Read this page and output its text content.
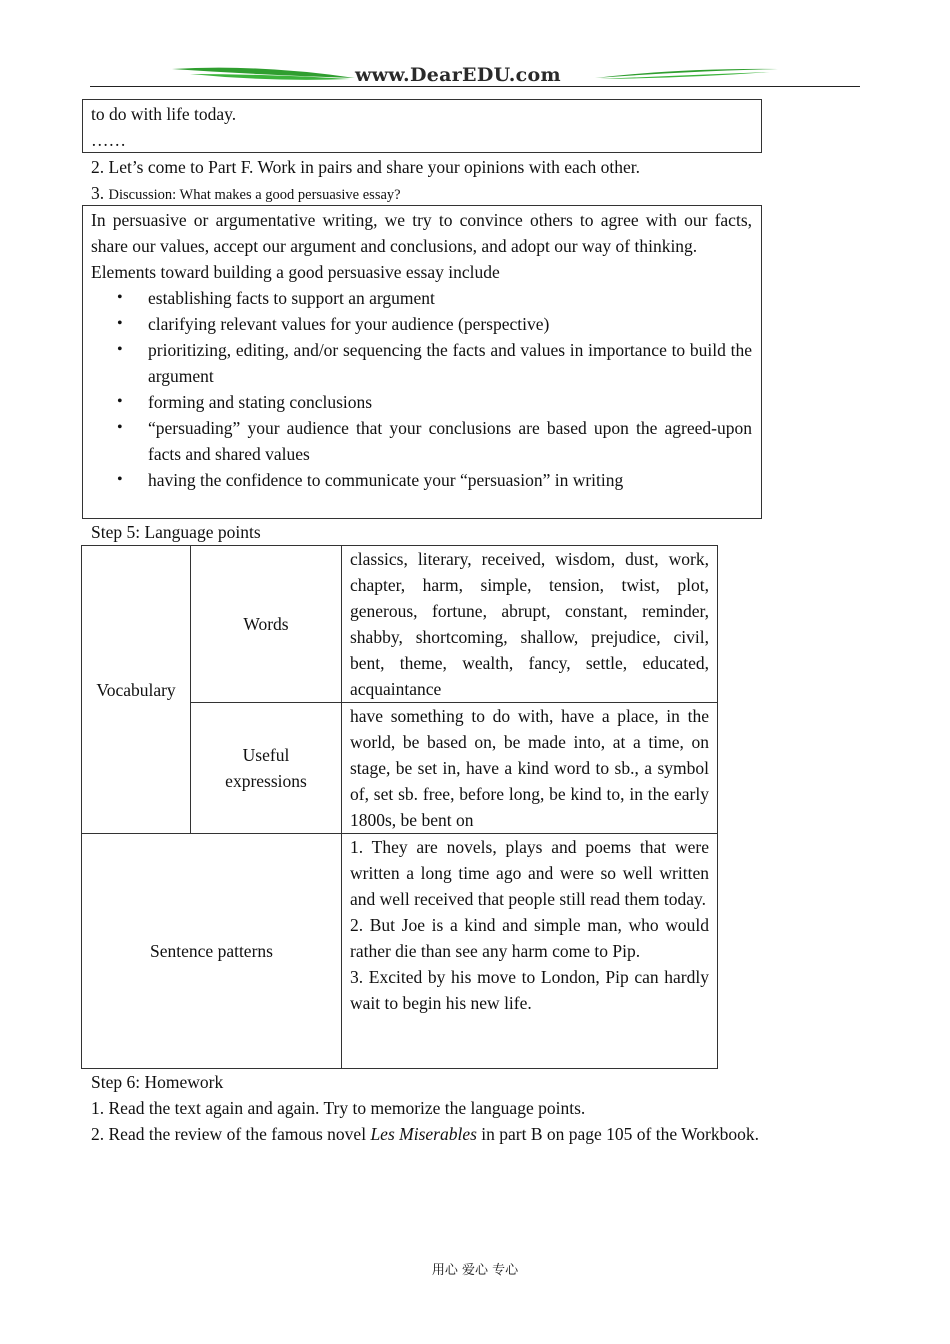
www.DearEDU.com
to do with life today.
……
2. Let’s come to Part F. Work in pairs and share your opinions with each other.
3. Discussion: What makes a good persuasive essay?
In persuasive or argumentative writing, we try to convince others to agree with our facts, share our values, accept our argument and conclusions, and adopt our way of thinking.
Elements toward building a good persuasive essay include
• establishing facts to support an argument
• clarifying relevant values for your audience (perspective)
• prioritizing, editing, and/or sequencing the facts and values in importance to build the argument
• forming and stating conclusions
• “persuading” your audience that your conclusions are based upon the agreed-upon facts and shared values
• having the confidence to communicate your “persuasion” in writing
Step 5: Language points
Vocabulary	Words	classics, literary, received, wisdom, dust, work, chapter, harm, simple, tension, twist, plot, generous, fortune, abrupt, constant, reminder, shabby, shortcoming, shallow, prejudice, civil, bent, theme, wealth, fancy, settle, educated, acquaintance
	Useful
expressions	have something to do with, have a place, in the world, be based on, be made into, at a time, on stage, be set in, have a kind word to sb., a symbol of, set sb. free, before long, be kind to, in the early 1800s, be bent on
Sentence patterns		1. They are novels, plays and poems that were written a long time ago and were so well written and well received that people still read them today.
2. But Joe is a kind and simple man, who would rather die than see any harm come to Pip.
3. Excited by his move to London, Pip can hardly wait to begin his new life.
Step 6: Homework
1. Read the text again and again. Try to memorize the language points.
2. Read the review of the famous novel Les Miserables in part B on page 105 of the Workbook.
用心 爱心 专心
